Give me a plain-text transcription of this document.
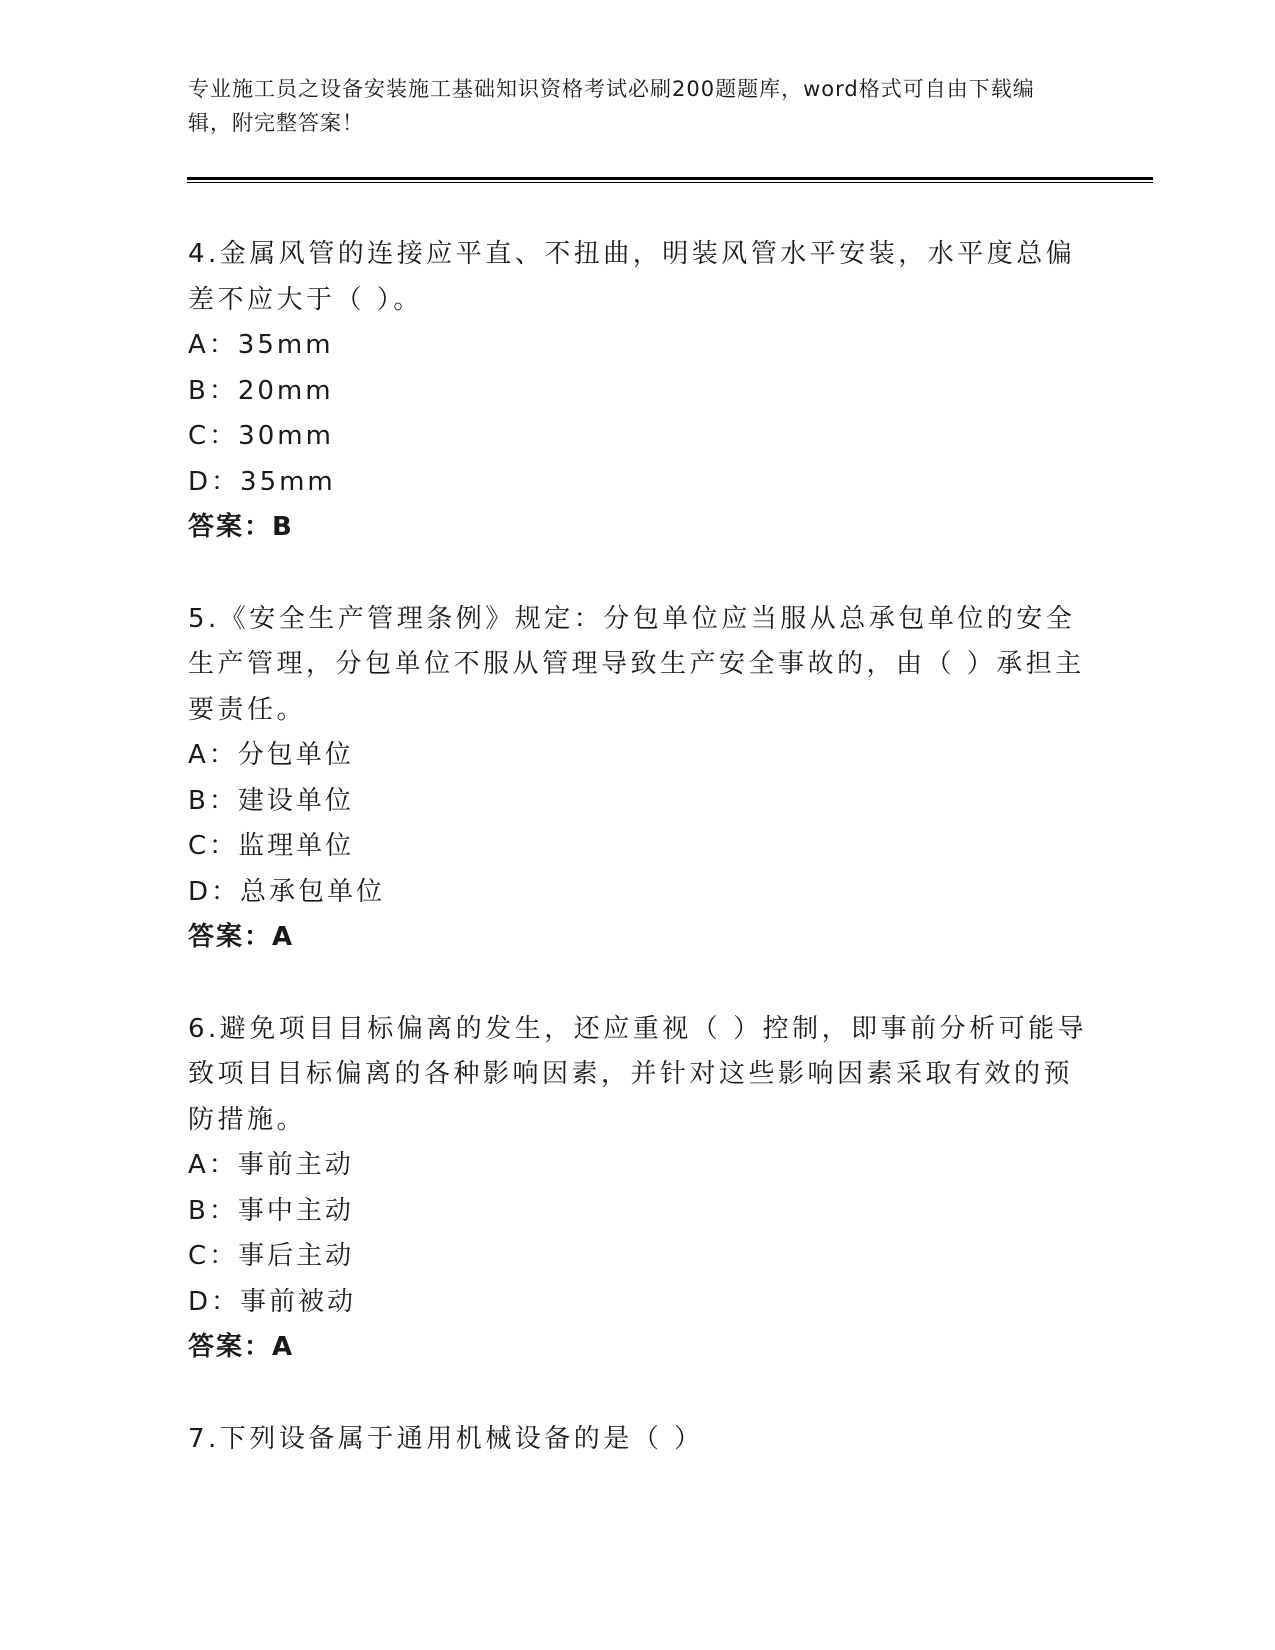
专业施工员之设备安装施工基础知识资格考试必刷200题题库，word格式可自由下载编辑，附完整答案！
4.金属风管的连接应平直、不扭曲，明装风管水平安装，水平度总偏差不应大于（ ）。
A：35mm
B：20mm
C：30mm
D：35mm
答案：B
5.《安全生产管理条例》规定：分包单位应当服从总承包单位的安全生产管理，分包单位不服从管理导致生产安全事故的，由（ ）承担主要责任。
A：分包单位
B：建设单位
C：监理单位
D：总承包单位
答案：A
6.避免项目目标偏离的发生，还应重视（ ）控制，即事前分析可能导致项目目标偏离的各种影响因素，并针对这些影响因素采取有效的预防措施。
A：事前主动
B：事中主动
C：事后主动
D：事前被动
答案：A
7.下列设备属于通用机械设备的是（ ）
